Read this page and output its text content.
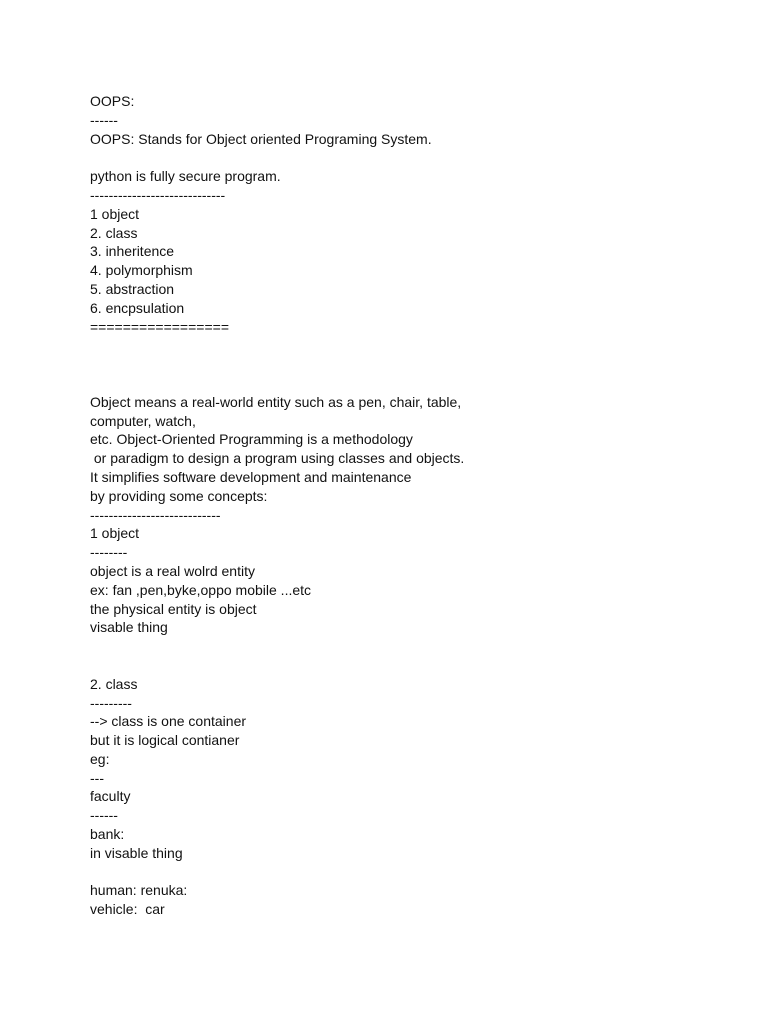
OOPS:
------
OOPS: Stands for Object oriented Programing System.
python is fully secure program.
-----------------------------
1 object
2. class
3. inheritence
4. polymorphism
5. abstraction
6. encpsulation
=================
Object means a real-world entity such as a pen, chair, table,
computer, watch,
etc. Object-Oriented Programming is a methodology
or paradigm to design a program using classes and objects.
It simplifies software development and maintenance
by providing some concepts:
----------------------------
1 object
--------
object is a real wolrd entity
ex: fan ,pen,byke,oppo mobile ...etc
the physical entity is object
visable thing
2. class
---------
--> class is one container
but it is logical contianer
eg:
---
faculty
------
bank:
in visable thing
human: renuka:
vehicle:  car
